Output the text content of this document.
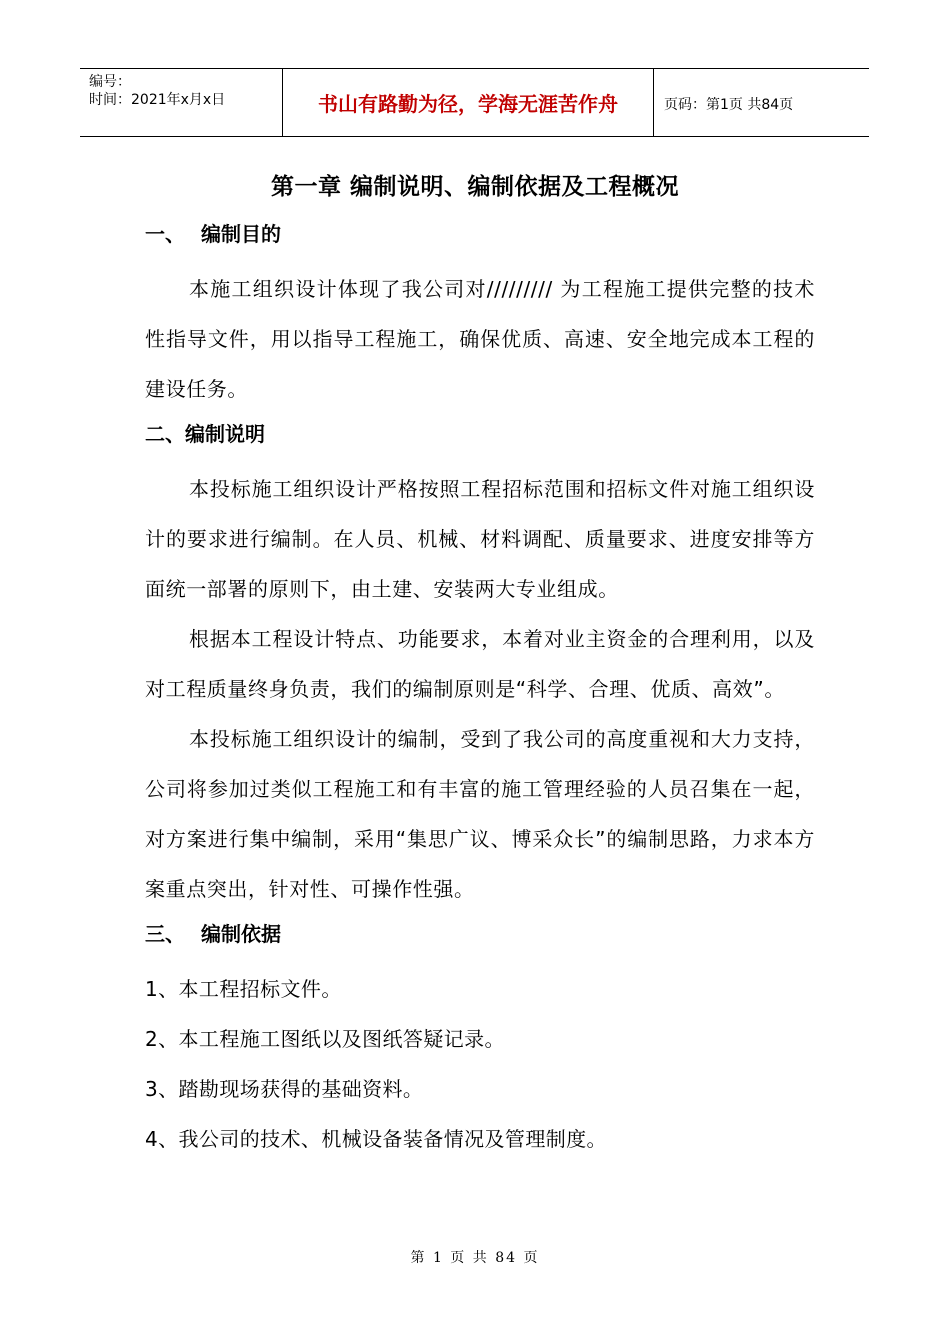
编号：
时间：2021年x月x日	书山有路勤为径，学海无涯苦作舟	页码：第1页 共84页
第一章 编制说明、编制依据及工程概况
一、 编制目的
本施工组织设计体现了我公司对///////// 为工程施工提供完整的技术性指导文件，用以指导工程施工，确保优质、高速、安全地完成本工程的建设任务。
二、编制说明
本投标施工组织设计严格按照工程招标范围和招标文件对施工组织设计的要求进行编制。在人员、机械、材料调配、质量要求、进度安排等方面统一部署的原则下，由土建、安装两大专业组成。
根据本工程设计特点、功能要求，本着对业主资金的合理利用，以及对工程质量终身负责，我们的编制原则是“科学、合理、优质、高效”。
本投标施工组织设计的编制，受到了我公司的高度重视和大力支持，公司将参加过类似工程施工和有丰富的施工管理经验的人员召集在一起，对方案进行集中编制，采用“集思广议、博采众长”的编制思路，力求本方案重点突出，针对性、可操作性强。
三、 编制依据
1、本工程招标文件。
2、本工程施工图纸以及图纸答疑记录。
3、踏勘现场获得的基础资料。
4、我公司的技术、机械设备装备情况及管理制度。
第 1 页 共 84 页
